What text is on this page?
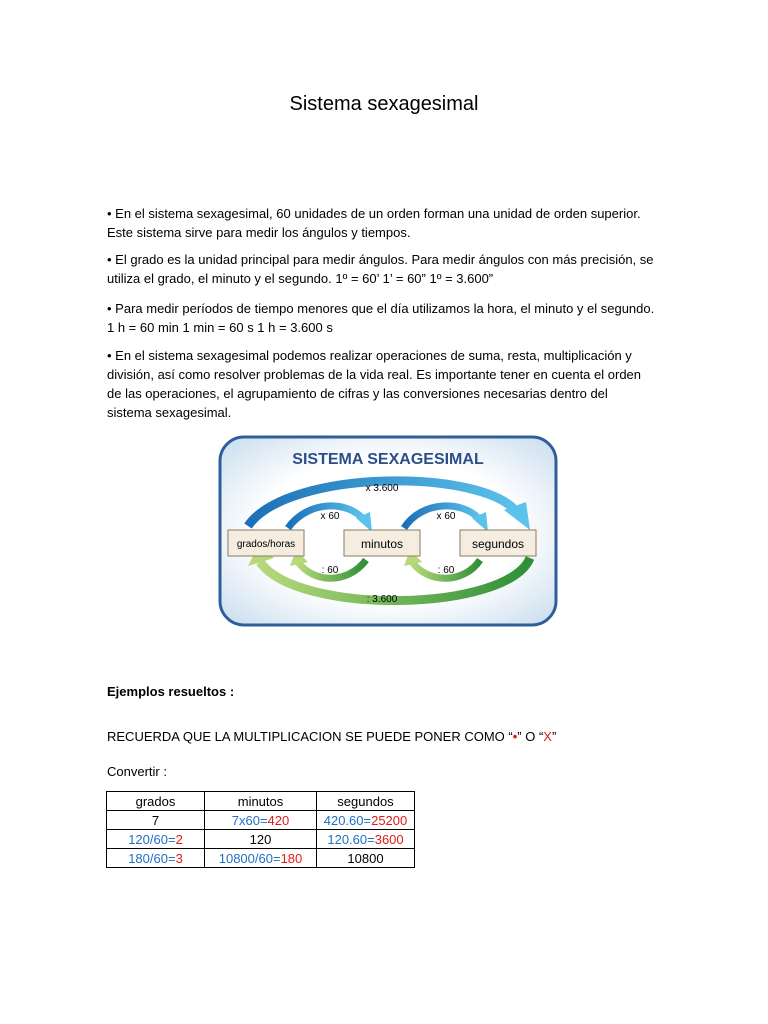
Sistema sexagesimal

• En el sistema sexagesimal, 60 unidades de un orden forman una unidad de orden superior. Este sistema sirve para medir los ángulos y tiempos.

• El grado es la unidad principal para medir ángulos. Para medir ángulos con más precisión, se utiliza el grado, el minuto y el segundo. 1º = 60’ 1’ = 60” 1º = 3.600”

• Para medir períodos de tiempo menores que el día utilizamos la hora, el minuto y el segundo. 1 h = 60 min 1 min = 60 s 1 h = 3.600 s

• En el sistema sexagesimal podemos realizar operaciones de suma, resta, multiplicación y división, así como resolver problemas de la vida real. Es importante tener en cuenta el orden de las operaciones, el agrupamiento de cifras y las conversiones necesarias dentro del sistema sexagesimal.

SISTEMA SEXAGESIMAL
grados/horas	minutos	segundos
x 3.600
x 60	x 60
: 60	: 60
: 3.600

Ejemplos resueltos :

RECUERDA QUE LA MULTIPLICACION SE PUEDE PONER COMO “•” O “X”

Convertir :

grados	minutos	segundos
7	7x60=420	420.60=25200
120/60=2	120	120.60=3600
180/60=3	10800/60=180	10800
